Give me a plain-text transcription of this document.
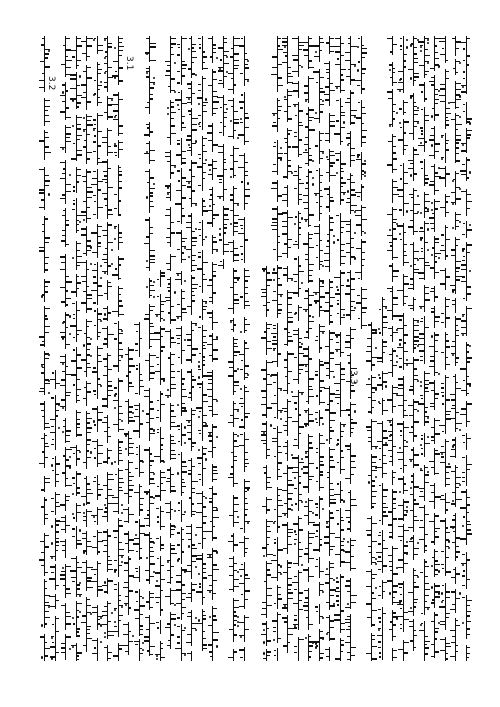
3.2
3.1
3.3
